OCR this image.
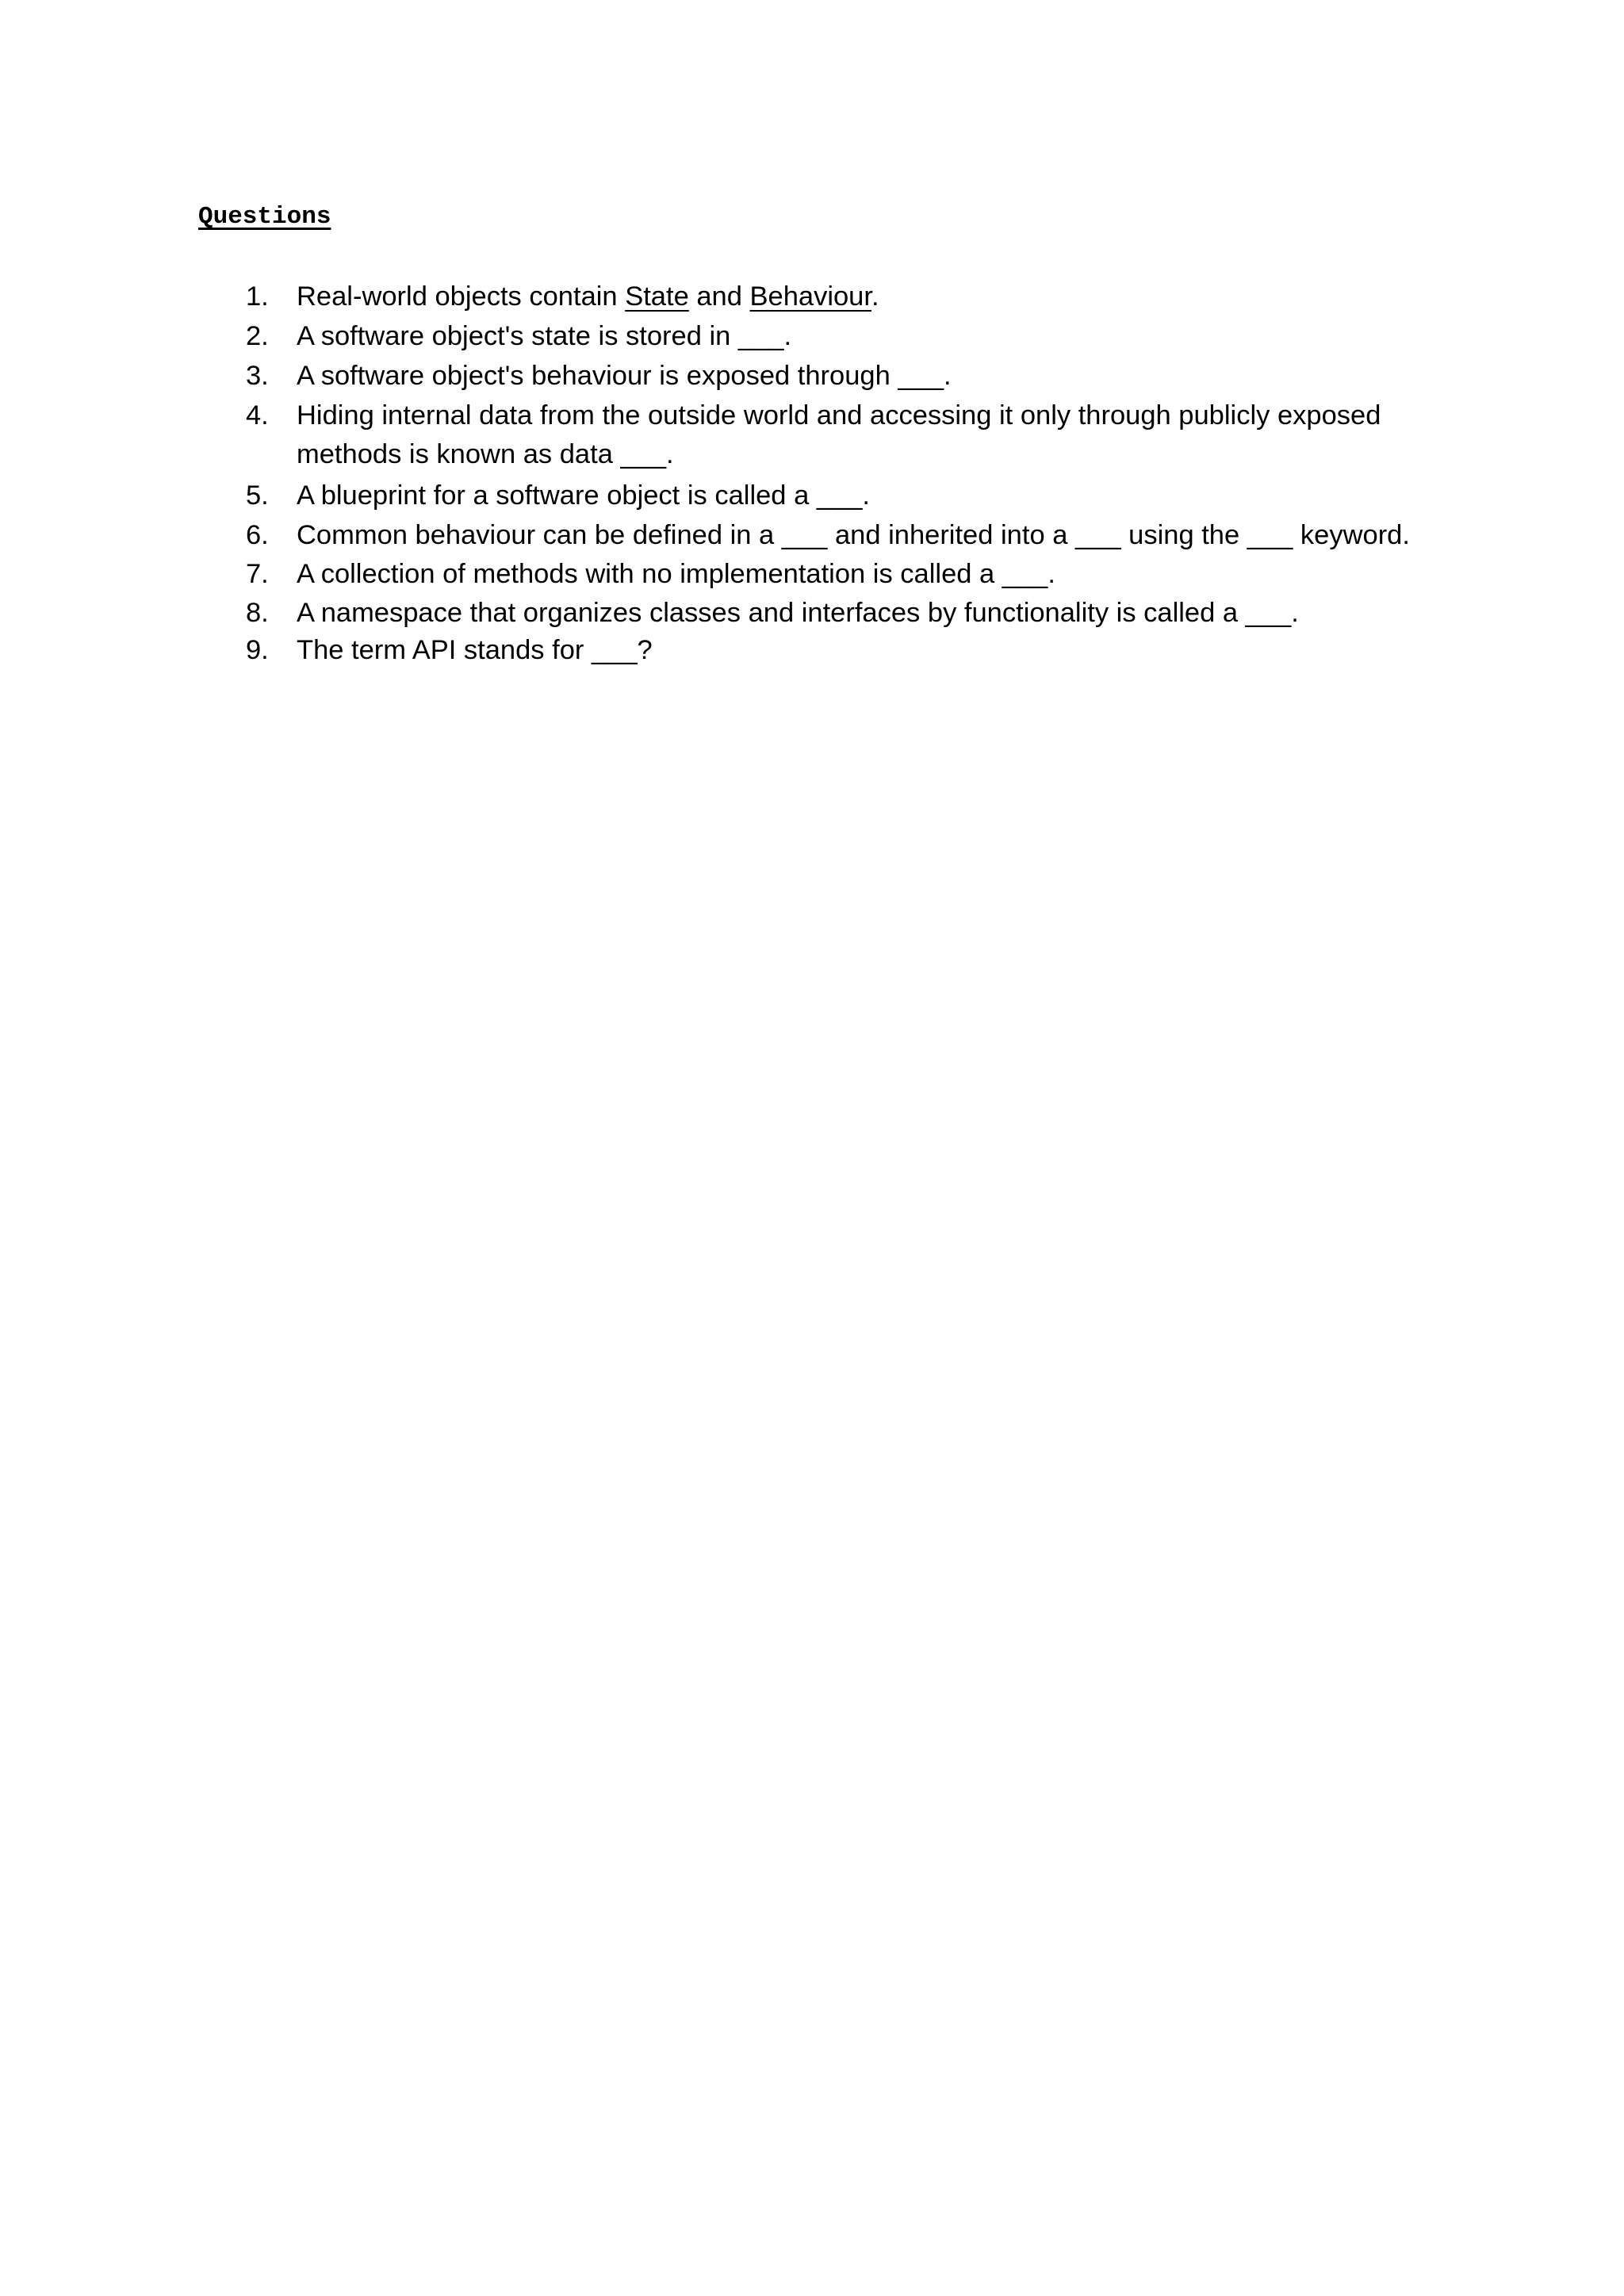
Questions
1. Real-world objects contain State and Behaviour.
2. A software object's state is stored in ___.
3. A software object's behaviour is exposed through ___.
4. Hiding internal data from the outside world and accessing it only through publicly exposed
methods is known as data ___.
5. A blueprint for a software object is called a ___.
6. Common behaviour can be defined in a ___ and inherited into a ___ using the ___ keyword.
7. A collection of methods with no implementation is called a ___.
8. A namespace that organizes classes and interfaces by functionality is called a ___.
9. The term API stands for ___?
